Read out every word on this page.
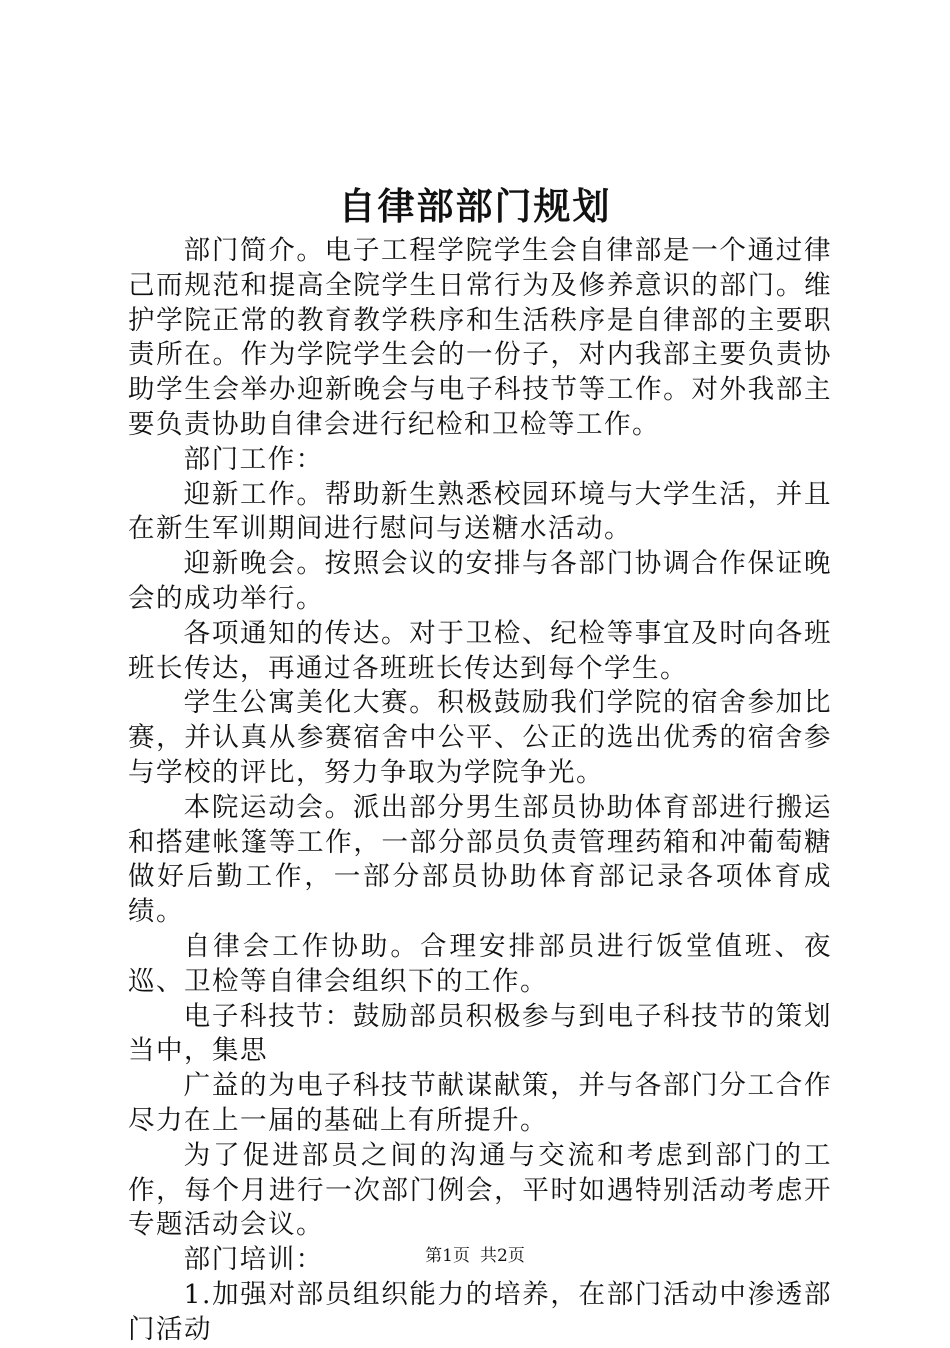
自律部部门规划

部门简介。电子工程学院学生会自律部是一个通过律己而规范和提高全院学生日常行为及修养意识的部门。维护学院正常的教育教学秩序和生活秩序是自律部的主要职责所在。作为学院学生会的一份子，对内我部主要负责协助学生会举办迎新晚会与电子科技节等工作。对外我部主要负责协助自律会进行纪检和卫检等工作。

部门工作：

迎新工作。帮助新生熟悉校园环境与大学生活，并且在新生军训期间进行慰问与送糖水活动。

迎新晚会。按照会议的安排与各部门协调合作保证晚会的成功举行。

各项通知的传达。对于卫检、纪检等事宜及时向各班班长传达，再通过各班班长传达到每个学生。

学生公寓美化大赛。积极鼓励我们学院的宿舍参加比赛，并认真从参赛宿舍中公平、公正的选出优秀的宿舍参与学校的评比，努力争取为学院争光。

本院运动会。派出部分男生部员协助体育部进行搬运和搭建帐篷等工作，一部分部员负责管理药箱和冲葡萄糖做好后勤工作，一部分部员协助体育部记录各项体育成绩。

自律会工作协助。合理安排部员进行饭堂值班、夜巡、卫检等自律会组织下的工作。

电子科技节：鼓励部员积极参与到电子科技节的策划当中，集思

广益的为电子科技节献谋献策，并与各部门分工合作尽力在上一届的基础上有所提升。

为了促进部员之间的沟通与交流和考虑到部门的工作，每个月进行一次部门例会，平时如遇特别活动考虑开专题活动会议。

部门培训：

1.加强对部员组织能力的培养，在部门活动中渗透部门活动

第1页 共2页
